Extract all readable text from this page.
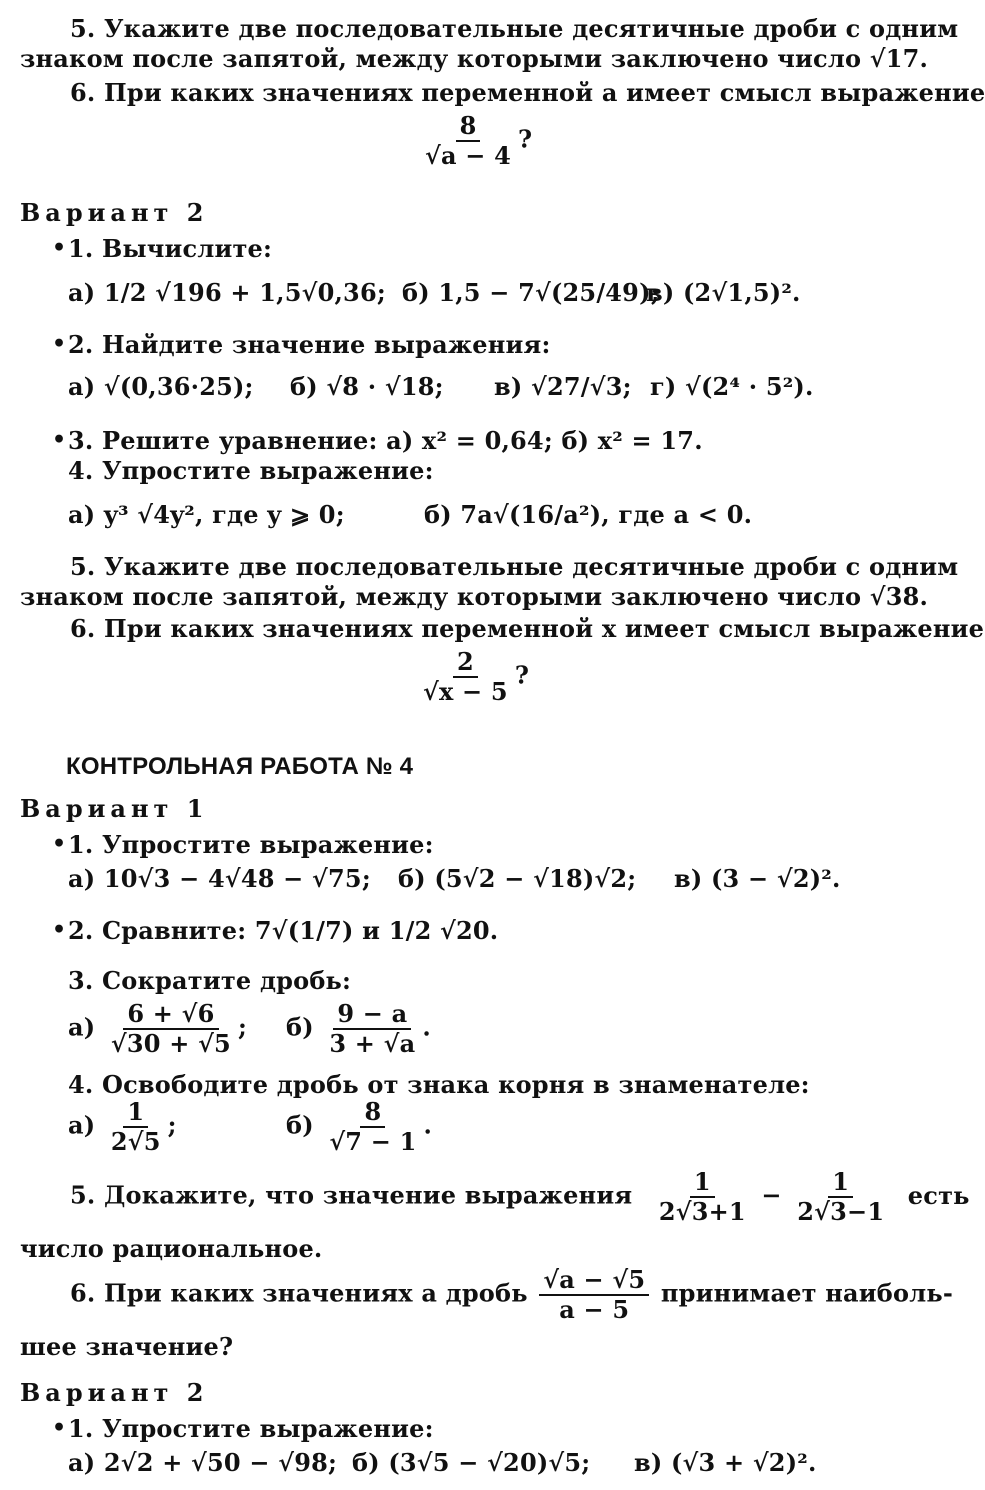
5. Укажите две последовательные десятичные дроби с одним
знаком после запятой, между которыми заключено число √17.
6. При каких значениях переменной a имеет смысл выражение
$\frac{8}{√a - 4}$ ?
Вариант 2
• 1. Вычислите:
а) 1/2 √196 + 1,5√0,36; б) 1,5 − 7√(25/49);
в) (2√1,5)².
• 2. Найдите значение выражения:
а) √(0,36·25); б) √8 · √18; в) √27/√3; г) √(2⁴ · 5²).
• 3. Решите уравнение: а) x² = 0,64; б) x² = 17.
4. Упростите выражение:
а) y³ √4y², где y ⩾ 0;	б) 7a√(16/a²), где a < 0.
5. Укажите две последовательные десятичные дроби с одним
знаком после запятой, между которыми заключено число √38.
6. При каких значениях переменной x имеет смысл выражение
$\frac{2}{√x - 5}$ ?
КОНТРОЛЬНАЯ РАБОТА № 4
Вариант 1
• 1. Упростите выражение:
а) 10√3 − 4√48 − √75; б) (5√2 − √18)√2; в) (3 − √2)².
• 2. Сравните: 7√(1/7) и 1/2 √20.
3. Сократите дробь:
$а) \frac{6 + √6}{√30 + √5}$ ; $б) \frac{9 - a}{3 + √a}$ .
4. Освободите дробь от знака корня в знаменателе:
$а) \frac{1}{2√5}$ ;	$б) \frac{8}{√7 - 1}$ .
5. Докажите, что значение выражения $\frac{1}{2√3+1} - \frac{1}{2√3-1}$ есть
число рациональное.
6. При каких значениях a дробь $\frac{√a - √5}{a - 5}$ принимает наиболь-
шее значение?
Вариант 2
• 1. Упростите выражение:
а) 2√2 + √50 − √98; б) (3√5 − √20)√5; в) (√3 + √2)².
